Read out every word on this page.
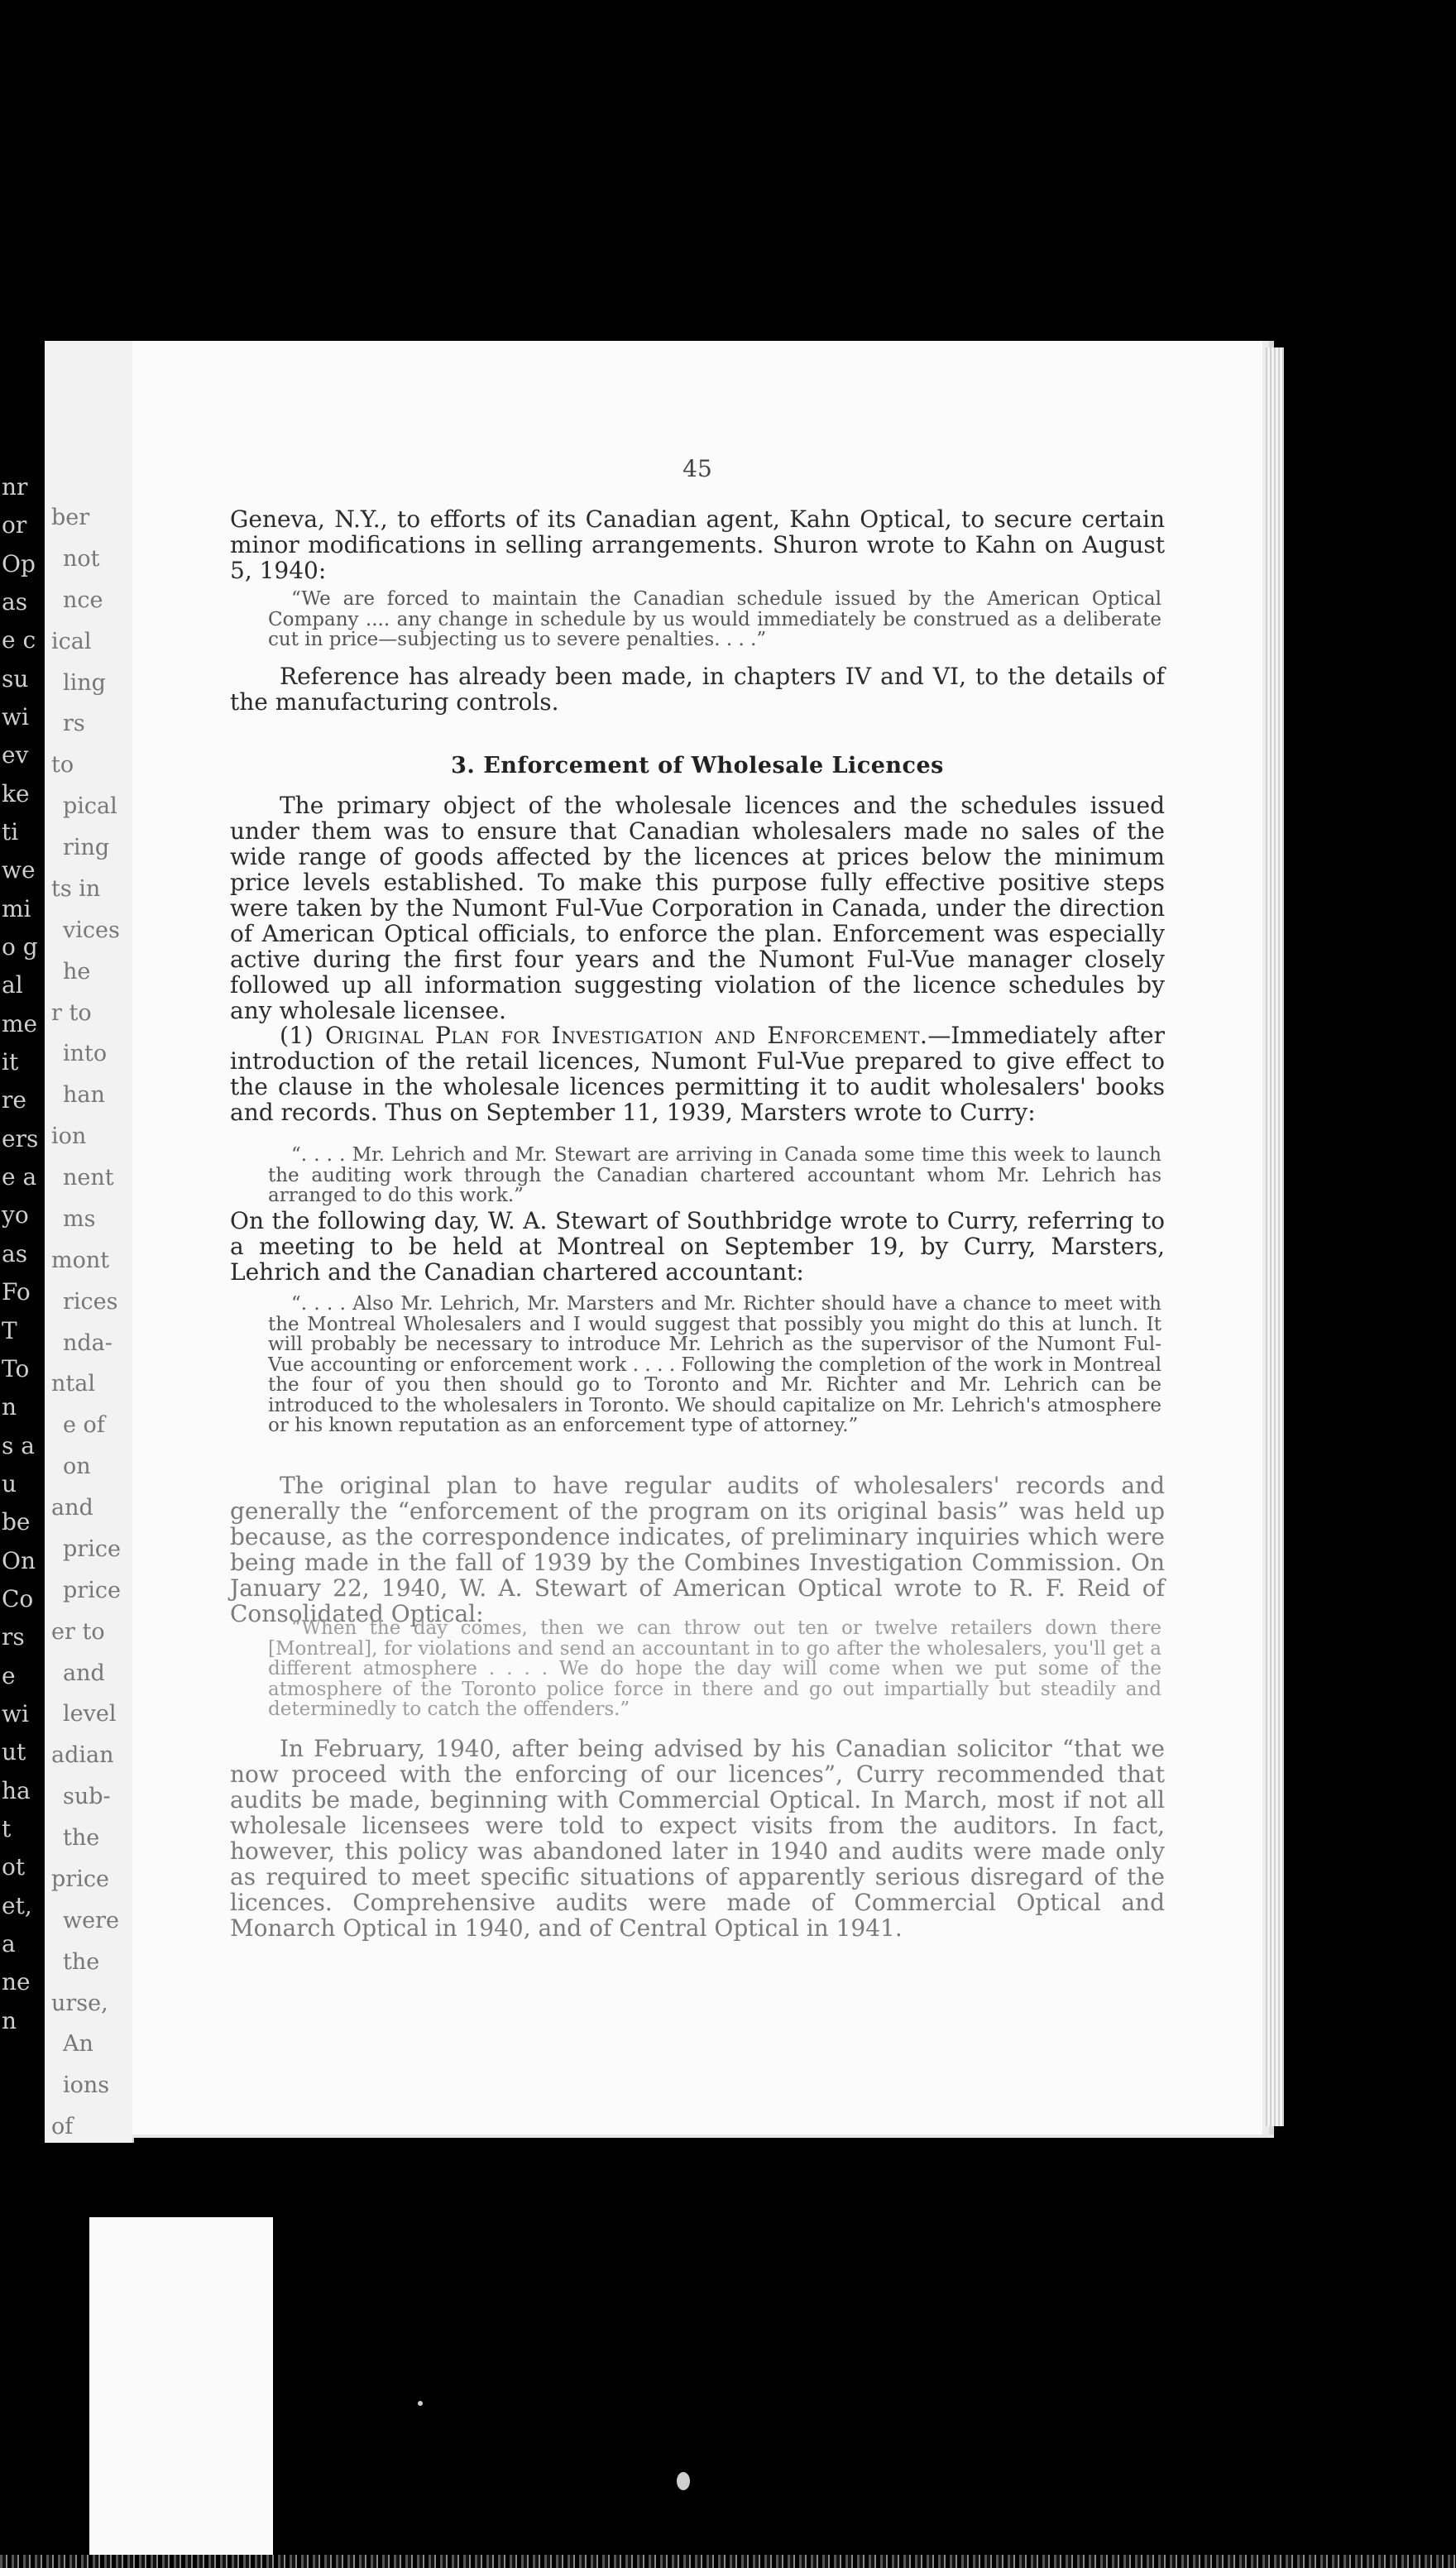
nr
or
Op
as
e c
su
wi
ev
ke
ti
we
mi
o g
al
me
it
re
ers
e a
yo
as
Fo
T
To
n
s a
u
be
On
Co
rs
e
wi
ut
ha
t
ot
et,
a
ne
n
ber
not
nce
ical
ling
rs
to
pical
ring
ts in
vices
he
r to
into
han
ion
nent
ms
mont
rices
nda-
ntal
e of
on
and
price
price
er to
and
level
adian
sub-
the
price
were
the
urse,
An
ions
of
45

Geneva, N.Y., to efforts of its Canadian agent, Kahn Optical, to secure certain minor modifications in selling arrangements. Shuron wrote to Kahn on August 5, 1940:

“We are forced to maintain the Canadian schedule issued by the American Optical Company .... any change in schedule by us would immediately be construed as a deliberate cut in price—subjecting us to severe penalties. . . .”

Reference has already been made, in chapters IV and VI, to the details of the manufacturing controls.

3. Enforcement of Wholesale Licences

The primary object of the wholesale licences and the schedules issued under them was to ensure that Canadian wholesalers made no sales of the wide range of goods affected by the licences at prices below the minimum price levels established. To make this purpose fully effective positive steps were taken by the Numont Ful-Vue Corporation in Canada, under the direction of American Optical officials, to enforce the plan. Enforcement was especially active during the first four years and the Numont Ful-Vue manager closely followed up all information suggesting violation of the licence schedules by any wholesale licensee.

(1) Original Plan for Investigation and Enforcement.—Immediately after introduction of the retail licences, Numont Ful-Vue prepared to give effect to the clause in the wholesale licences permitting it to audit wholesalers' books and records. Thus on September 11, 1939, Marsters wrote to Curry:

“. . . . Mr. Lehrich and Mr. Stewart are arriving in Canada some time this week to launch the auditing work through the Canadian chartered accountant whom Mr. Lehrich has arranged to do this work.”

On the following day, W. A. Stewart of Southbridge wrote to Curry, referring to a meeting to be held at Montreal on September 19, by Curry, Marsters, Lehrich and the Canadian chartered accountant:

“. . . . Also Mr. Lehrich, Mr. Marsters and Mr. Richter should have a chance to meet with the Montreal Wholesalers and I would suggest that possibly you might do this at lunch. It will probably be necessary to introduce Mr. Lehrich as the supervisor of the Numont Ful-Vue accounting or enforcement work . . . . Following the completion of the work in Montreal the four of you then should go to Toronto and Mr. Richter and Mr. Lehrich can be introduced to the wholesalers in Toronto. We should capitalize on Mr. Lehrich's atmosphere or his known reputation as an enforcement type of attorney.”

The original plan to have regular audits of wholesalers' records and generally the “enforcement of the program on its original basis” was held up because, as the correspondence indicates, of preliminary inquiries which were being made in the fall of 1939 by the Combines Investigation Commission. On January 22, 1940, W. A. Stewart of American Optical wrote to R. F. Reid of Consolidated Optical:

“When the day comes, then we can throw out ten or twelve retailers down there [Montreal], for violations and send an accountant in to go after the wholesalers, you'll get a different atmosphere . . . . We do hope the day will come when we put some of the atmosphere of the Toronto police force in there and go out impartially but steadily and determinedly to catch the offenders.”

In February, 1940, after being advised by his Canadian solicitor “that we now proceed with the enforcing of our licences”, Curry recommended that audits be made, beginning with Commercial Optical. In March, most if not all wholesale licensees were told to expect visits from the auditors. In fact, however, this policy was abandoned later in 1940 and audits were made only as required to meet specific situations of apparently serious disregard of the licences. Comprehensive audits were made of Commercial Optical and Monarch Optical in 1940, and of Central Optical in 1941.
